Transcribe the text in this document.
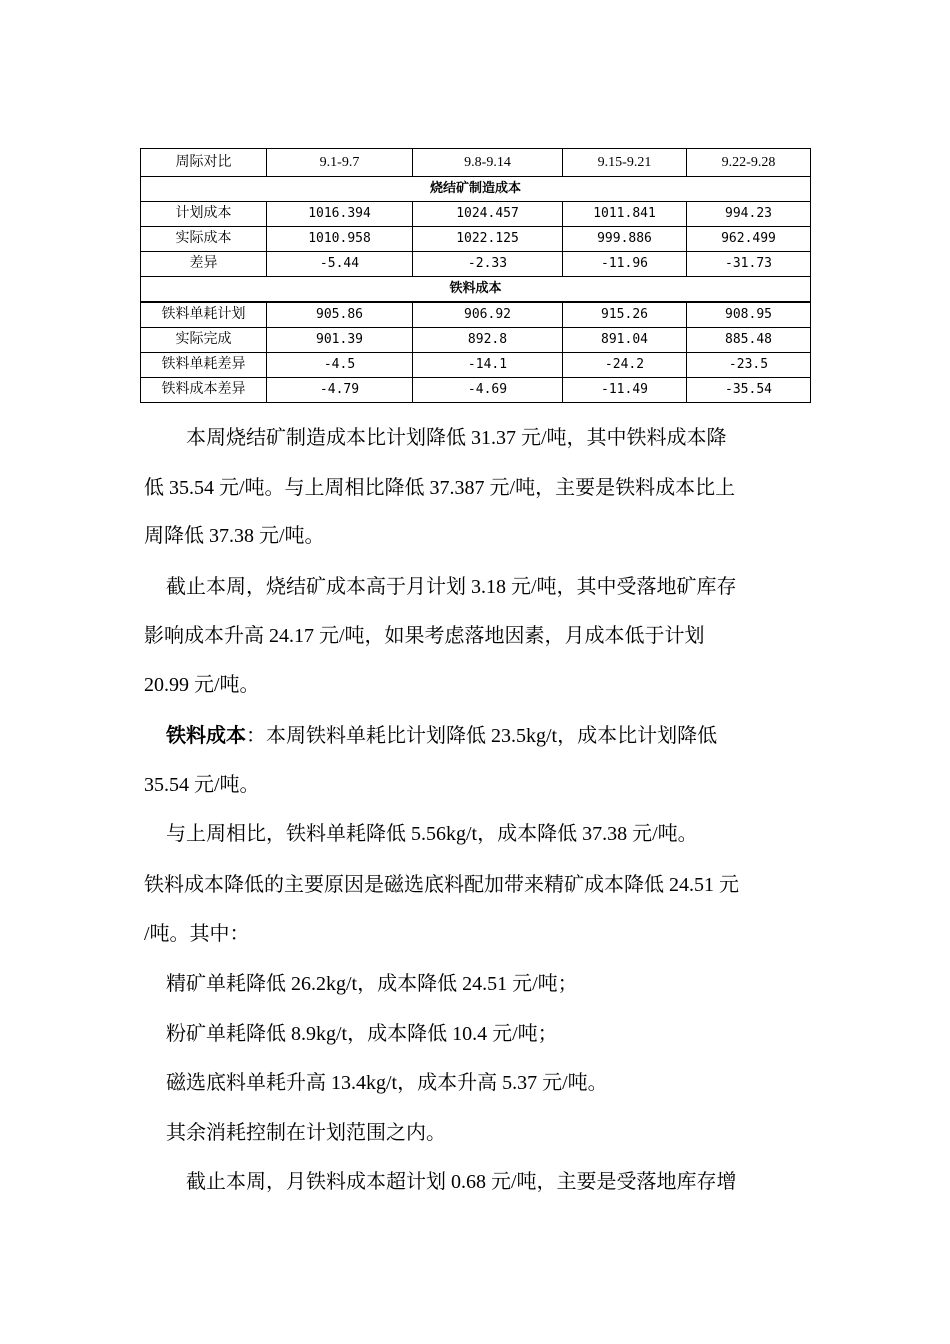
周际对比	9.1-9.7	9.8-9.14	9.15-9.21	9.22-9.28
烧结矿制造成本				
计划成本	1016.394	1024.457	1011.841	994.23
实际成本	1010.958	1022.125	999.886	962.499
差异	-5.44	-2.33	-11.96	-31.73
铁料成本				
铁料单耗计划	905.86	906.92	915.26	908.95
实际完成	901.39	892.8	891.04	885.48
铁料单耗差异	-4.5	-14.1	-24.2	-23.5
铁料成本差异	-4.79	-4.69	-11.49	-35.54
本周烧结矿制造成本比计划降低 31.37 元/吨，其中铁料成本降
低 35.54 元/吨。与上周相比降低 37.387 元/吨，主要是铁料成本比上
周降低 37.38 元/吨。
截止本周，烧结矿成本高于月计划 3.18 元/吨，其中受落地矿库存
影响成本升高 24.17 元/吨，如果考虑落地因素，月成本低于计划
20.99 元/吨。
铁料成本：本周铁料单耗比计划降低 23.5kg/t，成本比计划降低
35.54 元/吨。
与上周相比，铁料单耗降低 5.56kg/t，成本降低 37.38 元/吨。
铁料成本降低的主要原因是磁选底料配加带来精矿成本降低 24.51 元
/吨。其中：
精矿单耗降低 26.2kg/t，成本降低 24.51 元/吨；
粉矿单耗降低 8.9kg/t，成本降低 10.4 元/吨；
磁选底料单耗升高 13.4kg/t，成本升高 5.37 元/吨。
其余消耗控制在计划范围之内。
截止本周，月铁料成本超计划 0.68 元/吨，主要是受落地库存增
